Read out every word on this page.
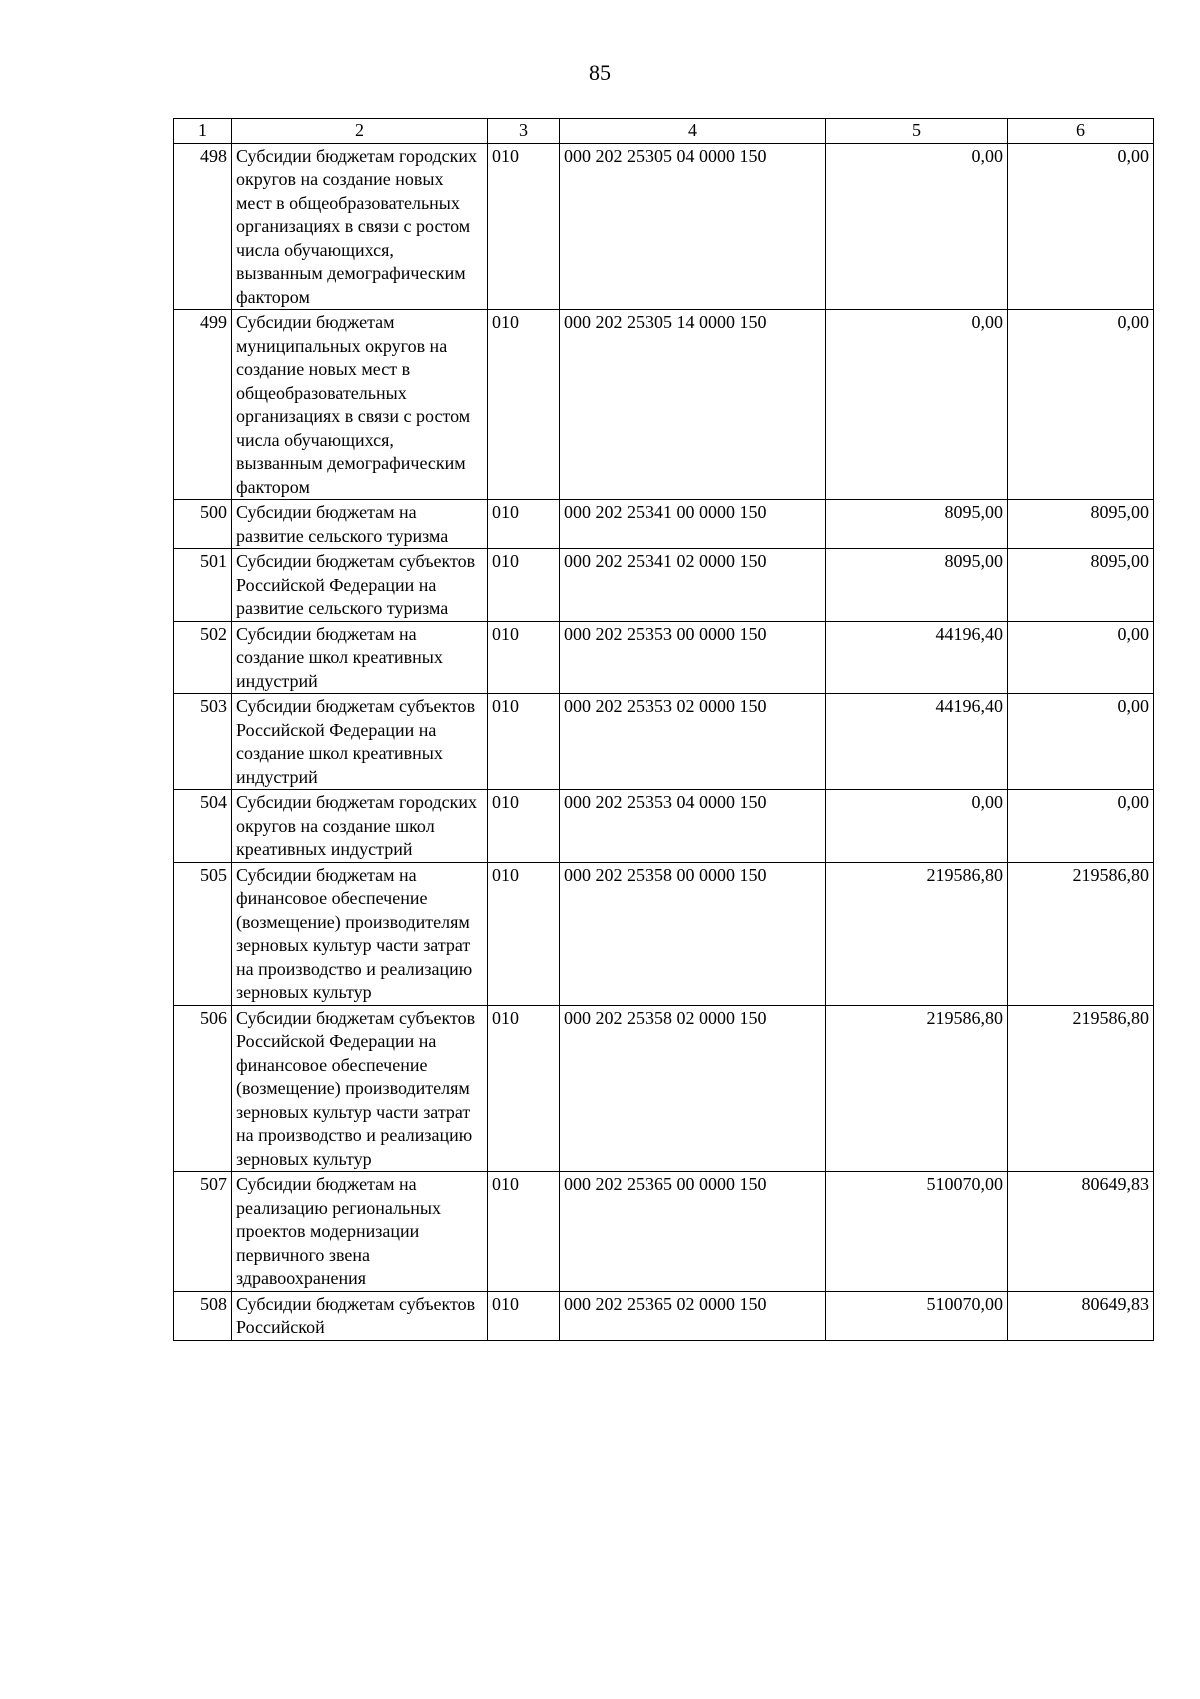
85
1	2	3	4	5	6
498	Субсидии бюджетам городских округов на создание новых мест в общеобразовательных организациях в связи с ростом числа обучающихся, вызванным демографическим фактором	010	000 202 25305 04 0000 150	0,00	0,00
499	Субсидии бюджетам муниципальных округов на создание новых мест в общеобразовательных организациях в связи с ростом числа обучающихся, вызванным демографическим фактором	010	000 202 25305 14 0000 150	0,00	0,00
500	Субсидии бюджетам на развитие сельского туризма	010	000 202 25341 00 0000 150	8095,00	8095,00
501	Субсидии бюджетам субъектов Российской Федерации на развитие сельского туризма	010	000 202 25341 02 0000 150	8095,00	8095,00
502	Субсидии бюджетам на создание школ креативных индустрий	010	000 202 25353 00 0000 150	44196,40	0,00
503	Субсидии бюджетам субъектов Российской Федерации на создание школ креативных индустрий	010	000 202 25353 02 0000 150	44196,40	0,00
504	Субсидии бюджетам городских округов на создание школ креативных индустрий	010	000 202 25353 04 0000 150	0,00	0,00
505	Субсидии бюджетам на финансовое обеспечение (возмещение) производителям зерновых культур части затрат на производство и реализацию зерновых культур	010	000 202 25358 00 0000 150	219586,80	219586,80
506	Субсидии бюджетам субъектов Российской Федерации на финансовое обеспечение (возмещение) производителям зерновых культур части затрат на производство и реализацию зерновых культур	010	000 202 25358 02 0000 150	219586,80	219586,80
507	Субсидии бюджетам на реализацию региональных проектов модернизации первичного звена здравоохранения	010	000 202 25365 00 0000 150	510070,00	80649,83
508	Субсидии бюджетам субъектов Российской	010	000 202 25365 02 0000 150	510070,00	80649,83
